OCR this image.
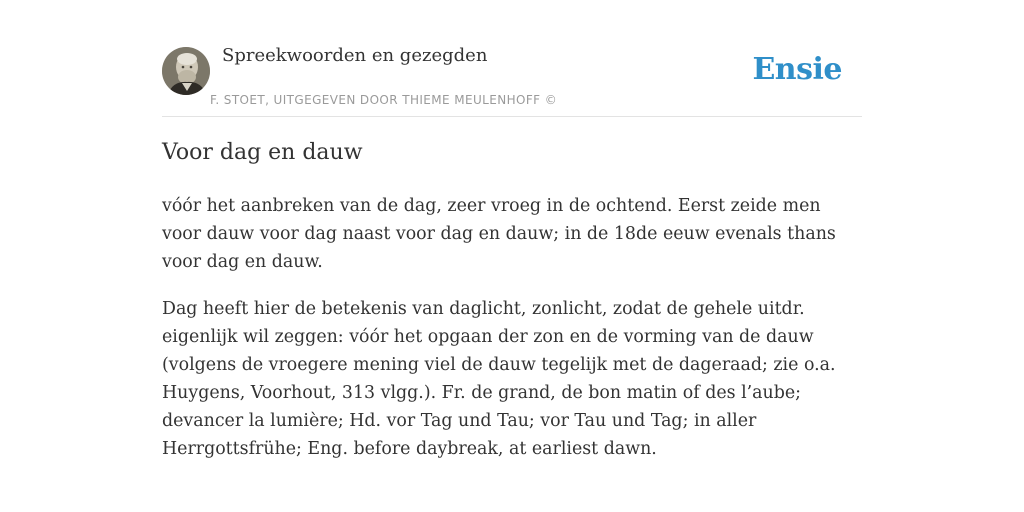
Spreekwoorden en gezegden
F. STOET, UITGEGEVEN DOOR THIEME MEULENHOFF ©
Ensie
Voor dag en dauw

vóór het aanbreken van de dag, zeer vroeg in de ochtend. Eerst zeide men voor dauw voor dag naast voor dag en dauw; in de 18de eeuw evenals thans voor dag en dauw.

Dag heeft hier de betekenis van daglicht, zonlicht, zodat de gehele uitdr. eigenlijk wil zeggen: vóór het opgaan der zon en de vorming van de dauw (volgens de vroegere mening viel de dauw tegelijk met de dageraad; zie o.a. Huygens, Voorhout, 313 vlgg.). Fr. de grand, de bon matin of des l’aube; devancer la lumière; Hd. vor Tag und Tau; vor Tau und Tag; in aller Herrgottsfrühe; Eng. before daybreak, at earliest dawn.
